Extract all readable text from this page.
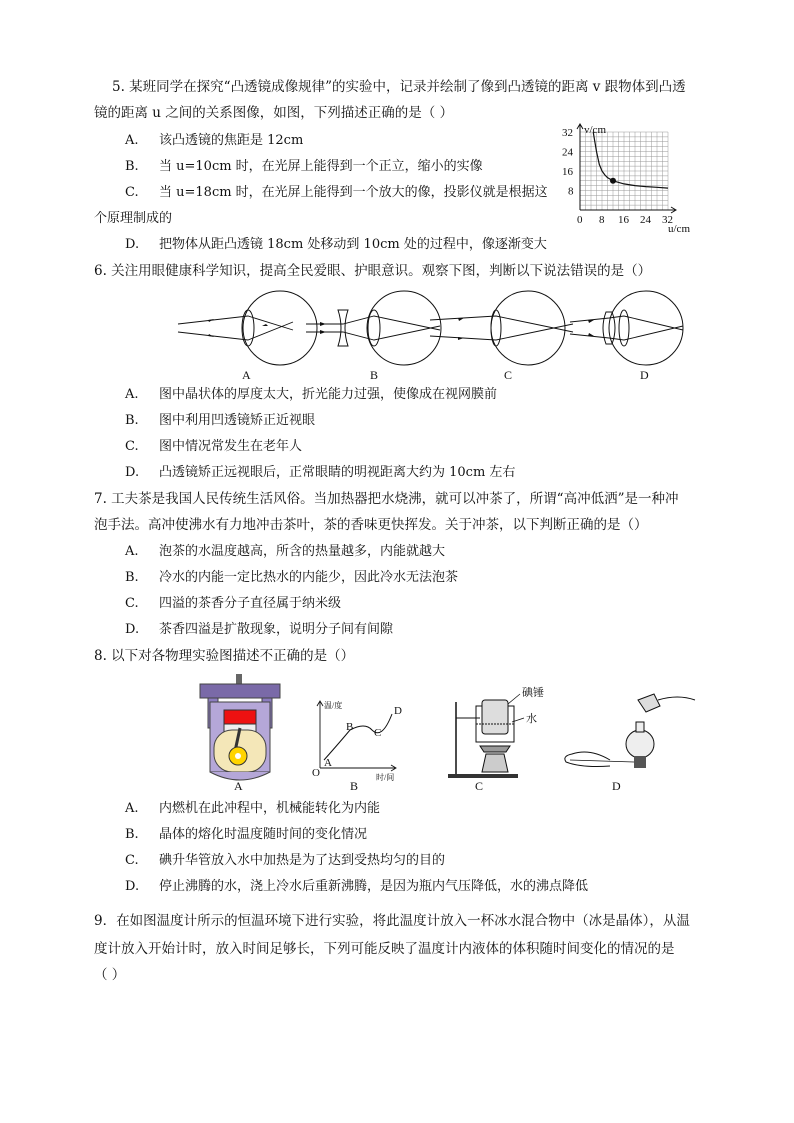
5. 某班同学在探究“凸透镜成像规律”的实验中，记录并绘制了像到凸透镜的距离 v 跟物体到凸透
镜的距离 u 之间的关系图像，如图，下列描述正确的是（ ）
A. 该凸透镜的焦距是 12cm
B. 当 u=10cm 时，在光屏上能得到一个正立，缩小的实像
C. 当 u=18cm 时，在光屏上能得到一个放大的像，投影仪就是根据这
个原理制成的
D. 把物体从距凸透镜 18cm 处移动到 10cm 处的过程中，像逐渐变大
0 8 16 24 32
8
16
24
32 v/cm
u/cm
6. 关注用眼健康科学知识，提高全民爱眼、护眼意识。观察下图，判断以下说法错误的是（）
A	B	C	D
A. 图中晶状体的厚度太大，折光能力过强，使像成在视网膜前
B. 图中利用凹透镜矫正近视眼
C. 图中情况常发生在老年人
D. 凸透镜矫正远视眼后，正常眼睛的明视距离大约为 10cm 左右
7. 工夫茶是我国人民传统生活风俗。当加热器把水烧沸，就可以冲茶了，所谓“高冲低洒”是一种冲
泡手法。高冲使沸水有力地冲击茶叶，茶的香味更快挥发。关于冲茶，以下判断正确的是（）
A. 泡茶的水温度越高，所含的热量越多，内能就越大
B. 冷水的内能一定比热水的内能少，因此冷水无法泡茶
C. 四溢的茶香分子直径属于纳米级
D. 茶香四溢是扩散现象，说明分子间有间隙
8. 以下对各物理实验图描述不正确的是（）
A
O
A
B C
D
温/度
时/间
B
碘锤
水
C	D
A. 内燃机在此冲程中，机械能转化为内能
B. 晶体的熔化时温度随时间的变化情况
C. 碘升华管放入水中加热是为了达到受热均匀的目的
D. 停止沸腾的水，浇上冷水后重新沸腾，是因为瓶内气压降低，水的沸点降低
9．在如图温度计所示的恒温环境下进行实验，将此温度计放入一杯冰水混合物中（冰是晶体），从温
度计放入开始计时，放入时间足够长，下列可能反映了温度计内液体的体积随时间变化的情况的是
（ ）
